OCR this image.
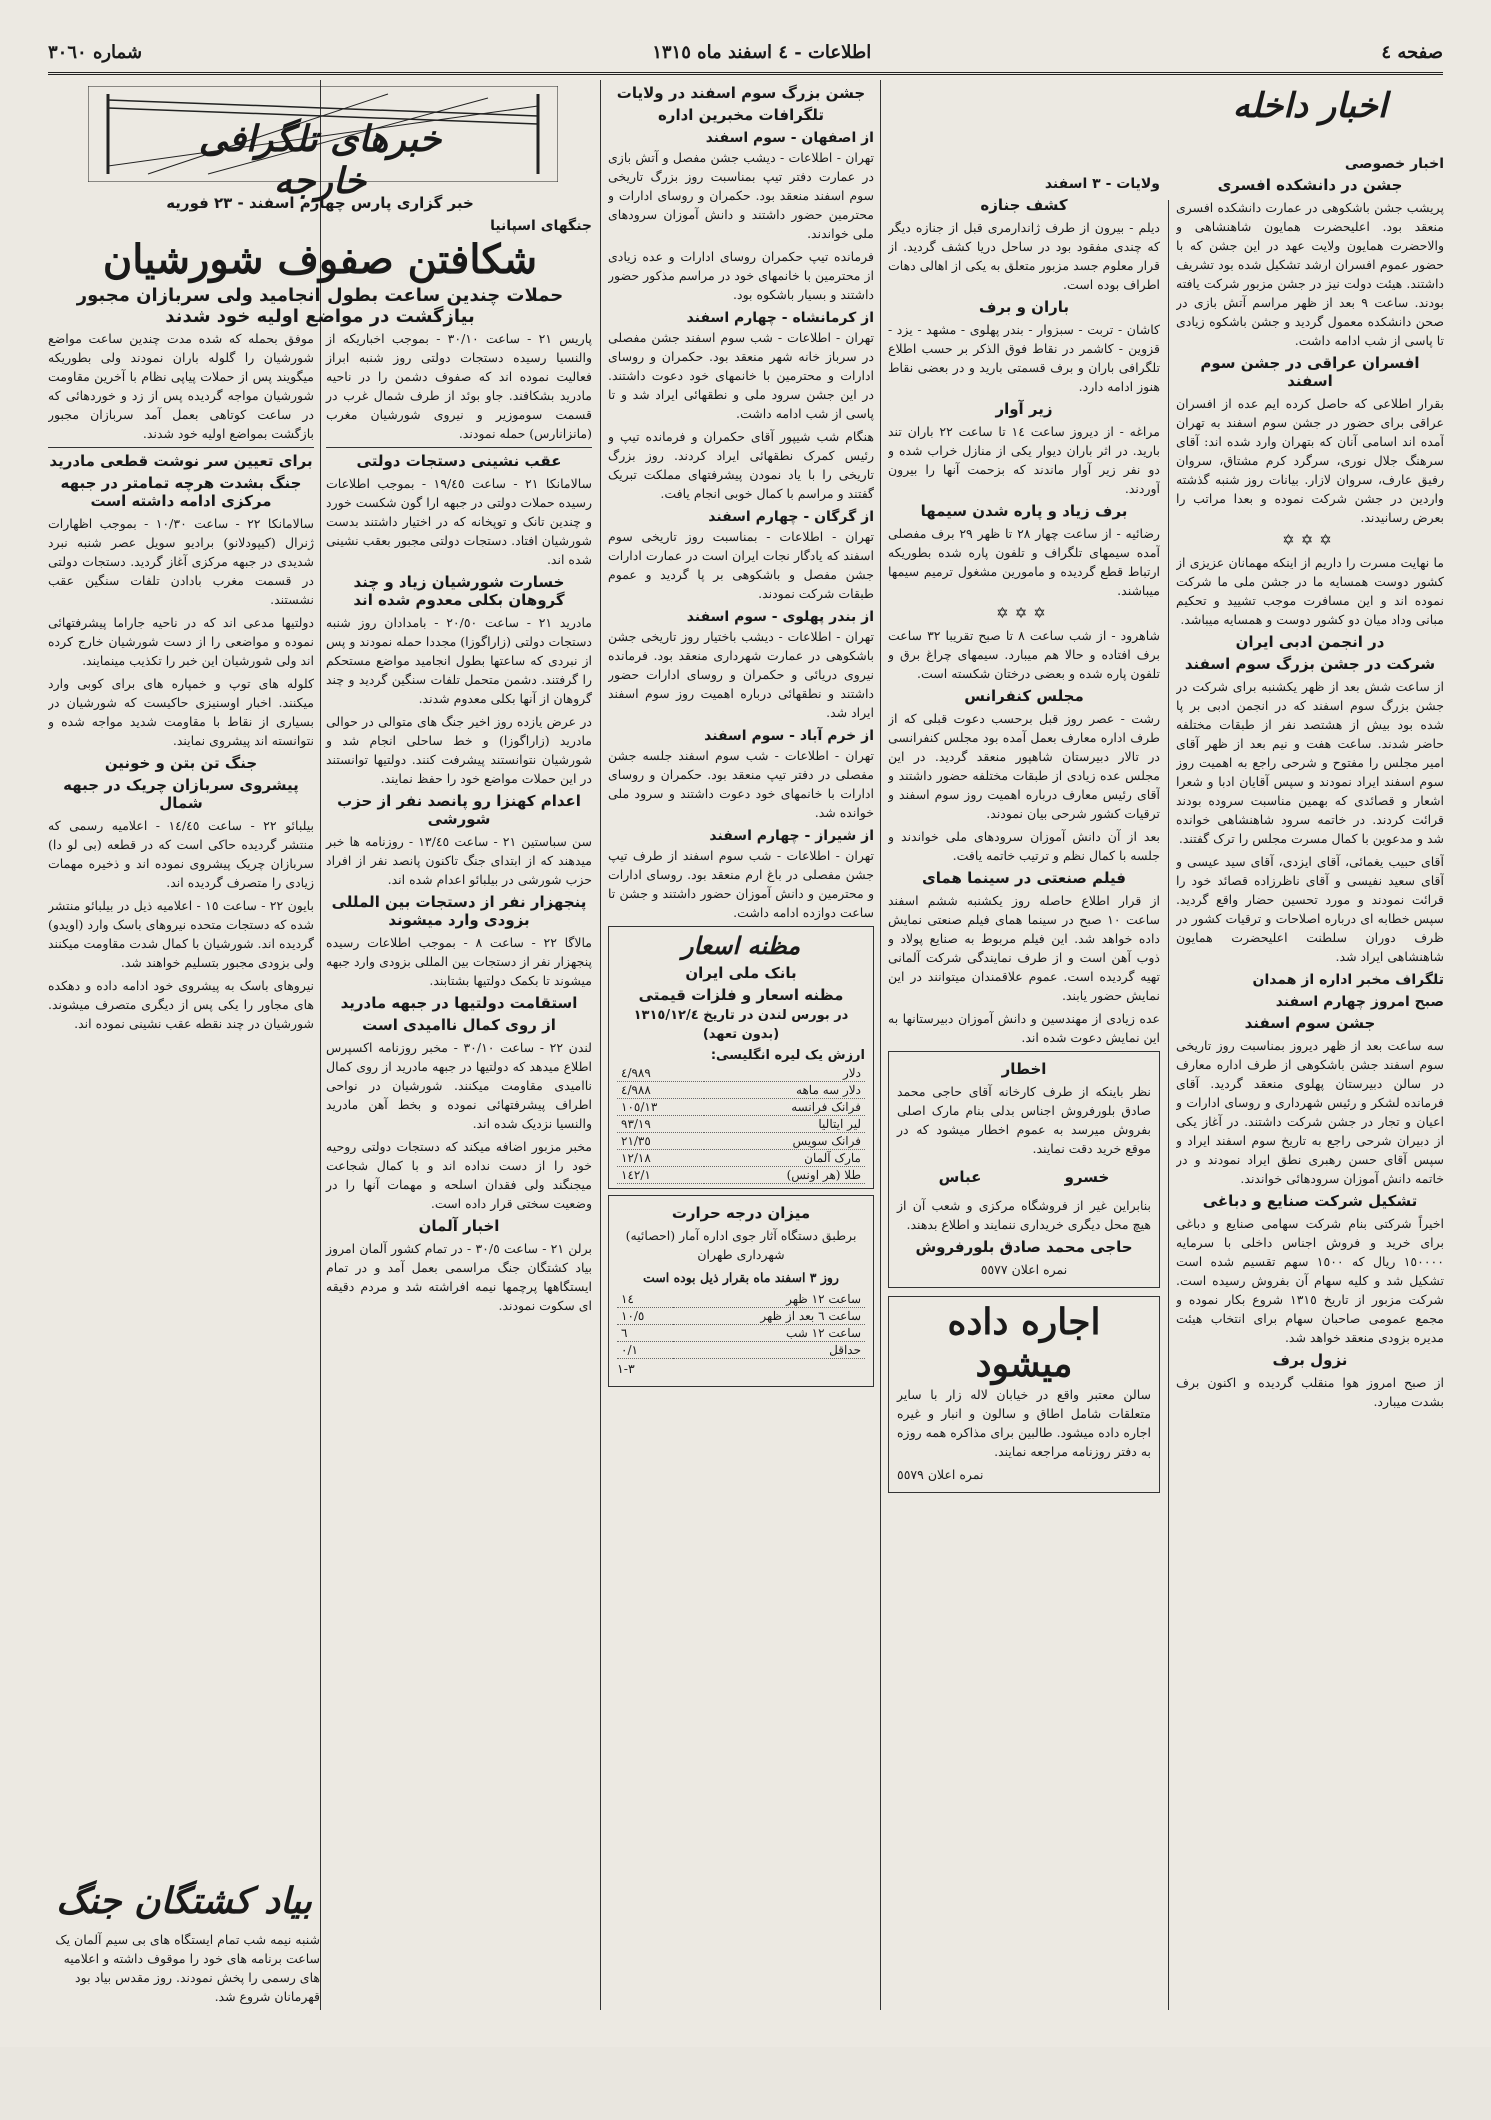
صفحه ٤
اطلاعات - ٤ اسفند ماه ١٣١٥
شماره ٣٠٦٠
اخبار داخله
اخبار خصوصی
جشن در دانشکده افسری

پریشب جشن باشکوهی در عمارت دانشکده افسری منعقد بود. اعلیحضرت همایون شاهنشاهی و والاحضرت همایون ولایت عهد در این جشن که با حضور عموم افسران ارشد تشکیل شده بود تشریف داشتند. هیئت دولت نیز در جشن مزبور شرکت یافته بودند. ساعت ٩ بعد از ظهر مراسم آتش بازی در صحن دانشکده معمول گردید و جشن باشکوه زیادی تا پاسی از شب ادامه داشت.

افسران عراقی در جشن سوم اسفند

بقرار اطلاعی که حاصل کرده ایم عده از افسران عراقی برای حضور در جشن سوم اسفند به تهران آمده اند اسامی آنان که بتهران وارد شده اند: آقای سرهنگ جلال نوری، سرگرد کرم مشتاق، سروان رفیق عارف، سروان لازار. بیانات روز شنبه گذشته واردین در جشن شرکت نموده و بعدا مراتب را بعرض رسانیدند.

✡✡✡

ما نهایت مسرت را داریم از اینکه مهمانان عزیزی از کشور دوست همسایه ما در جشن ملی ما شرکت نموده اند و این مسافرت موجب تشیید و تحکیم مبانی وداد میان دو کشور دوست و همسایه میباشد.

در انجمن ادبی ایران
شرکت در جشن بزرگ سوم اسفند

از ساعت شش بعد از ظهر یکشنبه برای شرکت در جشن بزرگ سوم اسفند که در انجمن ادبی بر پا شده بود بیش از هشتصد نفر از طبقات مختلفه حاضر شدند. ساعت هفت و نیم بعد از ظهر آقای امیر مجلس را مفتوح و شرحی راجع به اهمیت روز سوم اسفند ایراد نمودند و سپس آقایان ادبا و شعرا اشعار و قصائدی که بهمین مناسبت سروده بودند قرائت کردند. در خاتمه سرود شاهنشاهی خوانده شد و مدعوین با کمال مسرت مجلس را ترک گفتند.

آقای حبیب یغمائی، آقای ایزدی، آقای سید عیسی و آقای سعید نفیسی و آقای ناظرزاده قصائد خود را قرائت نمودند و مورد تحسین حضار واقع گردید. سپس خطابه ای درباره اصلاحات و ترقیات کشور در ظرف دوران سلطنت اعلیحضرت همایون شاهنشاهی ایراد شد.

تلگراف مخبر اداره از همدان
صبح امروز چهارم اسفند
جشن سوم اسفند

سه ساعت بعد از ظهر دیروز بمناسبت روز تاریخی سوم اسفند جشن باشکوهی از طرف اداره معارف در سالن دبیرستان پهلوی منعقد گردید. آقای فرمانده لشکر و رئیس شهرداری و روسای ادارات و اعیان و تجار در جشن شرکت داشتند. در آغاز یکی از دبیران شرحی راجع به تاریخ سوم اسفند ایراد و سپس آقای حسن رهبری نطق ایراد نمودند و در خاتمه دانش آموزان سرودهائی خواندند.

تشکیل شرکت صنایع و دباغی

اخیراً شرکتی بنام شرکت سهامی صنایع و دباغی برای خرید و فروش اجناس داخلی با سرمایه ١٥٠٠٠٠ ریال که ١٥٠٠ سهم تقسیم شده است تشکیل شد و کلیه سهام آن بفروش رسیده است. شرکت مزبور از تاریخ ١٣١٥ شروع بکار نموده و مجمع عمومی صاحبان سهام برای انتخاب هیئت مدیره بزودی منعقد خواهد شد.

نزول برف

از صبح امروز هوا منقلب گردیده و اکنون برف بشدت میبارد.

ولایات - ٣ اسفند
کشف جنازه

دیلم - بیرون از طرف ژاندارمری قبل از جنازه دیگر که چندی مفقود بود در ساحل دریا کشف گردید. از قرار معلوم جسد مزبور متعلق به یکی از اهالی دهات اطراف بوده است.

باران و برف

کاشان - تربت - سبزوار - بندر پهلوی - مشهد - یزد - قزوین - کاشمر در نقاط فوق الذکر بر حسب اطلاع تلگرافی باران و برف قسمتی بارید و در بعضی نقاط هنوز ادامه دارد.

زیر آوار

مراغه - از دیروز ساعت ١٤ تا ساعت ٢٢ باران تند بارید. در اثر باران دیوار یکی از منازل خراب شده و دو نفر زیر آوار ماندند که بزحمت آنها را بیرون آوردند.

برف زیاد و پاره شدن سیمها

رضائیه - از ساعت چهار ٢٨ تا ظهر ٢٩ برف مفصلی آمده سیمهای تلگراف و تلفون پاره شده بطوریکه ارتباط قطع گردیده و مامورین مشغول ترمیم سیمها میباشند.

✡✡✡

شاهرود - از شب ساعت ٨ تا صبح تقریبا ٣٢ ساعت برف افتاده و حالا هم میبارد. سیمهای چراغ برق و تلفون پاره شده و بعضی درختان شکسته است.

مجلس کنفرانس

رشت - عصر روز قبل برحسب دعوت قبلی که از طرف اداره معارف بعمل آمده بود مجلس کنفرانسی در تالار دبیرستان شاهپور منعقد گردید. در این مجلس عده زیادی از طبقات مختلفه حضور داشتند و آقای رئیس معارف درباره اهمیت روز سوم اسفند و ترقیات کشور شرحی بیان نمودند.

بعد از آن دانش آموزان سرودهای ملی خواندند و جلسه با کمال نظم و ترتیب خاتمه یافت.

فیلم صنعتی در سینما همای

از قرار اطلاع حاصله روز یکشنبه ششم اسفند ساعت ١٠ صبح در سینما همای فیلم صنعتی نمایش داده خواهد شد. این فیلم مربوط به صنایع پولاد و ذوب آهن است و از طرف نمایندگی شرکت آلمانی تهیه گردیده است. عموم علاقمندان میتوانند در این نمایش حضور یابند.

عده زیادی از مهندسین و دانش آموزان دبیرستانها به این نمایش دعوت شده اند.

اخطار

نظر باینکه از طرف کارخانه آقای حاجی محمد صادق بلورفروش اجناس بدلی بنام مارک اصلی بفروش میرسد به عموم اخطار میشود که در موقع خرید دقت نمایند.

خسرو
عباس

بنابراین غیر از فروشگاه مرکزی و شعب آن از هیچ محل دیگری خریداری ننمایند و اطلاع بدهند.

حاجی محمد صادق بلورفروش

نمره اعلان ٥٥٧٧

اجاره داده میشود

سالن معتبر واقع در خیابان لاله زار با سایر متعلقات شامل اطاق و سالون و انبار و غیره اجاره داده میشود. طالبین برای مذاکره همه روزه به دفتر روزنامه مراجعه نمایند.

نمره اعلان ٥٥٧٩

جشن بزرگ سوم اسفند در ولایات
تلگرافات مخبرین اداره
از اصفهان - سوم اسفند

تهران - اطلاعات - دیشب جشن مفصل و آتش بازی در عمارت دفتر تیپ بمناسبت روز بزرگ تاریخی سوم اسفند منعقد بود. حکمران و روسای ادارات و محترمین حضور داشتند و دانش آموزان سرودهای ملی خواندند.

فرمانده تیپ حکمران روسای ادارات و عده زیادی از محترمین با خانمهای خود در مراسم مذکور حضور داشتند و بسیار باشکوه بود.

از کرمانشاه - چهارم اسفند

تهران - اطلاعات - شب سوم اسفند جشن مفصلی در سرباز خانه شهر منعقد بود. حکمران و روسای ادارات و محترمین با خانمهای خود دعوت داشتند. در این جشن سرود ملی و نطقهائی ایراد شد و تا پاسی از شب ادامه داشت.

هنگام شب شیپور آقای حکمران و فرمانده تیپ و رئیس کمرک نطقهائی ایراد کردند. روز بزرگ تاریخی را با یاد نمودن پیشرفتهای مملکت تبریک گفتند و مراسم با کمال خوبی انجام یافت.

از گرگان - چهارم اسفند

تهران - اطلاعات - بمناسبت روز تاریخی سوم اسفند که یادگار نجات ایران است در عمارت ادارات جشن مفصل و باشکوهی بر پا گردید و عموم طبقات شرکت نمودند.

از بندر پهلوی - سوم اسفند

تهران - اطلاعات - دیشب باختیار روز تاریخی جشن باشکوهی در عمارت شهرداری منعقد بود. فرمانده نیروی دریائی و حکمران و روسای ادارات حضور داشتند و نطقهائی درباره اهمیت روز سوم اسفند ایراد شد.

از خرم آباد - سوم اسفند

تهران - اطلاعات - شب سوم اسفند جلسه جشن مفصلی در دفتر تیپ منعقد بود. حکمران و روسای ادارات با خانمهای خود دعوت داشتند و سرود ملی خوانده شد.

از شیراز - چهارم اسفند

تهران - اطلاعات - شب سوم اسفند از طرف تیپ جشن مفصلی در باغ ارم منعقد بود. روسای ادارات و محترمین و دانش آموزان حضور داشتند و جشن تا ساعت دوازده ادامه داشت.

مظنه اسعار
بانک ملی ایران
مظنه اسعار و فلزات قیمتی
در بورس لندن در تاریخ ١٣١٥/١٢/٤
(بدون تعهد)
ارزش یک لیره انگلیسی:
دلار	٤/٩٨٩
دلار سه ماهه	٤/٩٨٨
فرانک فرانسه	١٠٥/١٣
لیر ایتالیا	٩٣/١٩
فرانک سویس	٢١/٣٥
مارک آلمان	١٢/١٨
طلا (هر اونس)	١٤٢/١
میزان درجه حرارت

برطبق دستگاه آثار جوی اداره آمار (احصائیه) شهرداری طهران

روز ٣ اسفند ماه بقرار ذیل بوده است

ساعت ١٢ ظهر	١٤
ساعت ٦ بعد از ظهر	١٠/٥
ساعت ١٢ شب	٦
حداقل	٠/١

٣-١

خبرهای تلگرافی خارجه
خبر گزاری پارس چهارم اسفند - ٢٣ فوریه
جنگهای اسپانیا
شکافتن صفوف شورشیان
حملات چندین ساعت بطول انجامید ولی سربازان مجبور بیازگشت در مواضع اولیه خود شدند

پاریس ٢١ - ساعت ٣٠/١٠ - بموجب اخباریکه از والنسیا رسیده دستجات دولتی روز شنبه ابراز فعالیت نموده اند که صفوف دشمن را در ناحیه مادرید بشکافند. جاو بوئد از طرف شمال غرب در قسمت سوموزیر و نیروی شورشیان مغرب (مانزانارس) حمله نمودند.

عقب نشینی دستجات دولتی

سالامانکا ٢١ - ساعت ١٩/٤٥ - بموجب اطلاعات رسیده حملات دولتی در جبهه ارا گون شکست خورد و چندین تانک و توپخانه که در اختیار داشتند بدست شورشیان افتاد. دستجات دولتی مجبور بعقب نشینی شده اند.

خسارت شورشیان زیاد و چند گروهان بکلی معدوم شده اند

مادرید ٢١ - ساعت ٢٠/٥٠ - بامدادان روز شنبه دستجات دولتی (زاراگوزا) مجددا حمله نمودند و پس از نبردی که ساعتها بطول انجامید مواضع مستحکم را گرفتند. دشمن متحمل تلفات سنگین گردید و چند گروهان از آنها بکلی معدوم شدند.

در عرض یازده روز اخیر جنگ های متوالی در حوالی مادرید (زاراگوزا) و خط ساحلی انجام شد و شورشیان نتوانستند پیشرفت کنند. دولتیها توانستند در این حملات مواضع خود را حفظ نمایند.

اعدام کهنزا رو پانصد نفر از حزب شورشی

سن سباستین ٢١ - ساعت ١٣/٤٥ - روزنامه ها خبر میدهند که از ابتدای جنگ تاکنون پانصد نفر از افراد حزب شورشی در بیلبائو اعدام شده اند.

پنجهزار نفر از دستجات بین المللی بزودی وارد میشوند

مالاگا ٢٢ - ساعت ٨ - بموجب اطلاعات رسیده پنجهزار نفر از دستجات بین المللی بزودی وارد جبهه میشوند تا بکمک دولتیها بشتابند.

استقامت دولتیها در جبهه مادرید
از روی کمال ناامیدی است

لندن ٢٢ - ساعت ٣٠/١٠ - مخبر روزنامه اکسپرس اطلاع میدهد که دولتیها در جبهه مادرید از روی کمال ناامیدی مقاومت میکنند. شورشیان در نواحی اطراف پیشرفتهائی نموده و بخط آهن مادرید والنسیا نزدیک شده اند.

مخبر مزبور اضافه میکند که دستجات دولتی روحیه خود را از دست نداده اند و با کمال شجاعت میجنگند ولی فقدان اسلحه و مهمات آنها را در وضعیت سختی قرار داده است.

اخبار آلمان

برلن ٢١ - ساعت ٣٠/٥ - در تمام کشور آلمان امروز بیاد کشتگان جنگ مراسمی بعمل آمد و در تمام ایستگاهها پرچمها نیمه افراشته شد و مردم دقیقه ای سکوت نمودند.

موفق بحمله که شده مدت چندین ساعت مواضع شورشیان را گلوله باران نمودند ولی بطوریکه میگویند پس از حملات پیاپی نظام با آخرین مقاومت شورشیان مواجه گردیده پس از زد و خوردهائی که در ساعت کوتاهی بعمل آمد سربازان مجبور بازگشت بمواضع اولیه خود شدند.

برای تعیین سر نوشت قطعی مادرید
جنگ بشدت هرچه تمامتر در جبهه مرکزی ادامه داشته است

سالامانکا ٢٢ - ساعت ١٠/٣٠ - بموجب اظهارات ژنرال (کیپودلانو) برادیو سویل عصر شنبه نبرد شدیدی در جبهه مرکزی آغاز گردید. دستجات دولتی در قسمت مغرب بادادن تلفات سنگین عقب نشستند.

دولتیها مدعی اند که در ناحیه جاراما پیشرفتهائی نموده و مواضعی را از دست شورشیان خارج کرده اند ولی شورشیان این خبر را تکذیب مینمایند.

کلوله های توپ و خمپاره های برای کوبی وارد میکنند. اخبار اوسنیزی حاکیست که شورشیان در بسیاری از نقاط با مقاومت شدید مواجه شده و نتوانسته اند پیشروی نمایند.

جنگ تن بتن و خونین
پیشروی سربازان چریک در جبهه شمال

بیلبائو ٢٢ - ساعت ١٤/٤٥ - اعلامیه رسمی که منتشر گردیده حاکی است که در قطعه (بی لو دا) سربازان چریک پیشروی نموده اند و ذخیره مهمات زیادی را متصرف گردیده اند.

بایون ٢٢ - ساعت ١٥ - اعلامیه ذیل در بیلبائو منتشر شده که دستجات متحده نیروهای باسک وارد (اویدو) گردیده اند. شورشیان با کمال شدت مقاومت میکنند ولی بزودی مجبور بتسلیم خواهند شد.

نیروهای باسک به پیشروی خود ادامه داده و دهکده های مجاور را یکی پس از دیگری متصرف میشوند. شورشیان در چند نقطه عقب نشینی نموده اند.

بیاد کشتگان جنگ
شنبه نیمه شب تمام ایستگاه های بی سیم آلمان یک ساعت برنامه های خود را موقوف داشته و اعلامیه های رسمی را پخش نمودند. روز مقدس بیاد بود قهرمانان شروع شد.
